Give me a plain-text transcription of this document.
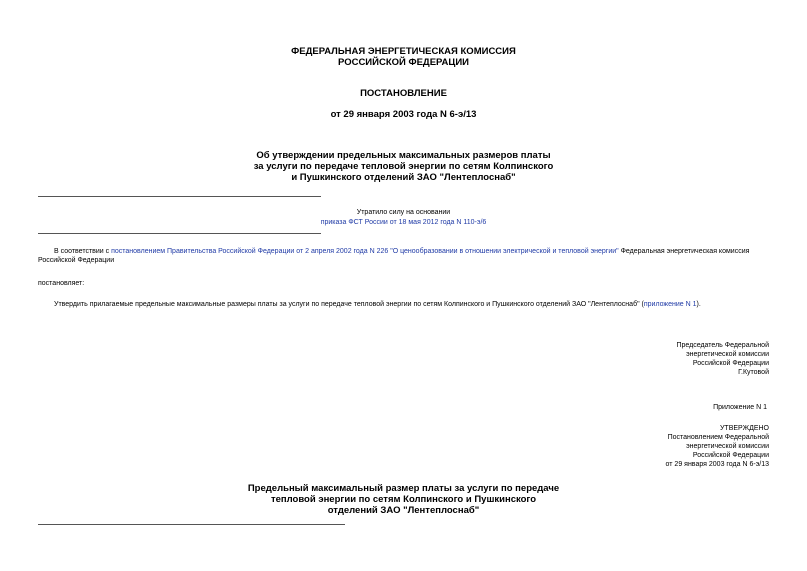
ФЕДЕРАЛЬНАЯ ЭНЕРГЕТИЧЕСКАЯ КОМИССИЯ
РОССИЙСКОЙ ФЕДЕРАЦИИ
ПОСТАНОВЛЕНИЕ
от 29 января 2003 года N 6-э/13
Об утверждении предельных максимальных размеров платы
за услуги по передаче тепловой энергии по сетям Колпинского
и Пушкинского отделений ЗАО "Лентеплоснаб"
Утратило силу на основании
приказа ФСТ России от 18 мая 2012 года N 110-э/6
В соответствии с постановлением Правительства Российской Федерации от 2 апреля 2002 года N 226 "О ценообразовании в отношении электрической и тепловой энергии" Федеральная энергетическая комиссия
Российской Федерации
постановляет:
Утвердить прилагаемые предельные максимальные размеры платы за услуги по передаче тепловой энергии по сетям Колпинского и Пушкинского отделений ЗАО "Лентеплоснаб" (приложение N 1).
Председатель Федеральной
энергетической комиссии
Российской Федерации
Г.Кутовой
Приложение N 1
УТВЕРЖДЕНО
Постановлением Федеральной
энергетической комиссии
Российской Федерации
от 29 января 2003 года N 6-э/13
Предельный максимальный размер платы за услуги по передаче
тепловой энергии по сетям Колпинского и Пушкинского
отделений ЗАО "Лентеплоснаб"
